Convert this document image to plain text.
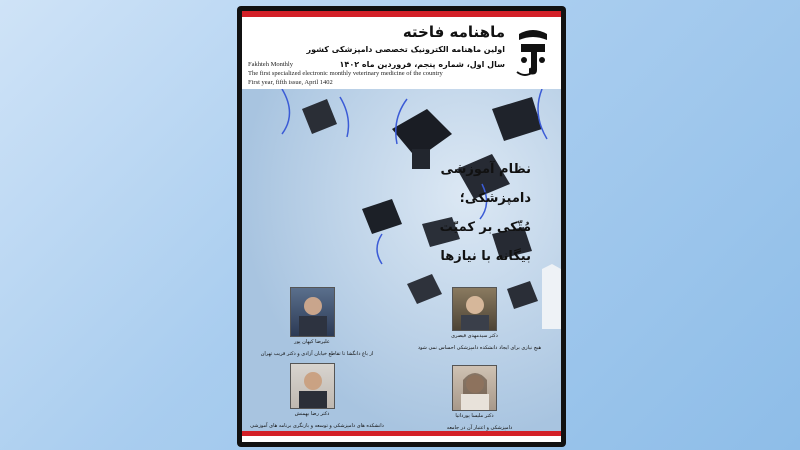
ماهنامه فاخته
اولین ماهنامه الکترونیک تخصصی دامپزشکی کشور
سال اول، شماره پنجم، فروردین ماه ۱۴۰۲
Fakhteh Monthly
The first specialized electronic monthly veterinary medicine of the country
First year, fifth issue, April 1402
نظام آموزشی
دامپزشکی؛
مُتّکی بر کمیّت
بیگانه با نیازها
علیرضا کیهان پور
از باغ دانگشا تا تقاطع خیابان آزادی و دکتر قریب تهران
دکتر سیدمهدی قیصری
هیچ نیازی برای ایجاد دانشکده دامپزشکی احساس نمی شود
دکتر رضا بهمنش
دانشکده های دامپزشکی و توسعه و بازنگری برنامه های آموزشی
دکتر ملیسا پورداتیا
دامپزشکی و اعتبار آن در جامعه
